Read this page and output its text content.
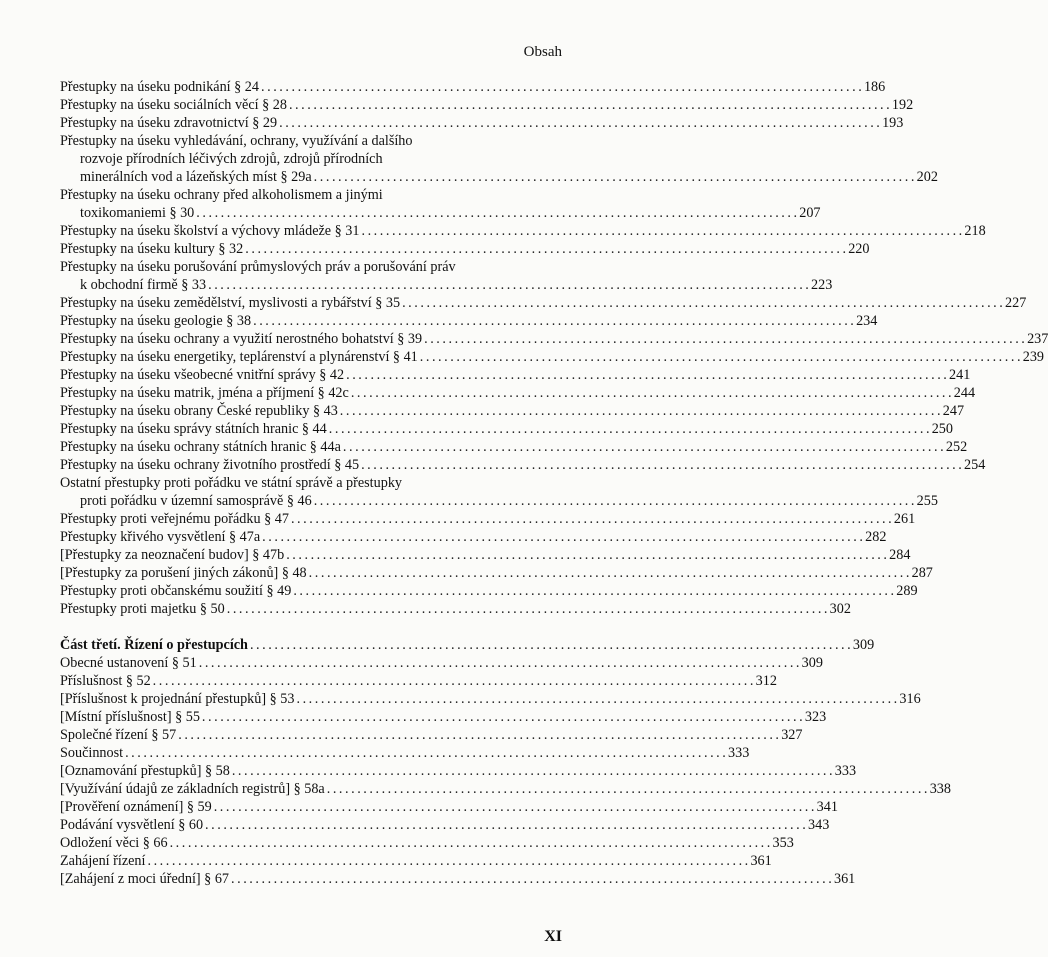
Obsah
Přestupky na úseku podnikání § 24 . . .	186
Přestupky na úseku sociálních věcí § 28 . . .	192
Přestupky na úseku zdravotnictví § 29 . . .	193
Přestupky na úseku vyhledávání, ochrany, využívání a dalšího
rozvoje přírodních léčivých zdrojů, zdrojů přírodních
minerálních vod a lázeňských míst § 29a . . .	202
Přestupky na úseku ochrany před alkoholismem a jinými
toxikomaniemi § 30 . . .	207
Přestupky na úseku školství a výchovy mládeže § 31 . . .	218
Přestupky na úseku kultury § 32 . . .	220
Přestupky na úseku porušování průmyslových práv a porušování práv
k obchodní firmě § 33 . . .	223
Přestupky na úseku zemědělství, myslivosti a rybářství § 35 . . .	227
Přestupky na úseku geologie § 38 . . .	234
Přestupky na úseku ochrany a využití nerostného bohatství § 39 . . .	237
Přestupky na úseku energetiky, teplárenství a plynárenství § 41 . . .	239
Přestupky na úseku všeobecné vnitřní správy § 42 . . .	241
Přestupky na úseku matrik, jména a příjmení § 42c . . .	244
Přestupky na úseku obrany České republiky § 43 . . .	247
Přestupky na úseku správy státních hranic § 44 . . .	250
Přestupky na úseku ochrany státních hranic § 44a . . .	252
Přestupky na úseku ochrany životního prostředí § 45 . . .	254
Ostatní přestupky proti pořádku ve státní správě a přestupky
proti pořádku v územní samosprávě § 46 . . .	255
Přestupky proti veřejnému pořádku § 47 . . .	261
Přestupky křivého vysvětlení § 47a . . .	282
[Přestupky za neoznačení budov] § 47b . . .	284
[Přestupky za porušení jiných zákonů] § 48 . . .	287
Přestupky proti občanskému soužití § 49 . . .	289
Přestupky proti majetku § 50 . . .	302
Část třetí. Řízení o přestupcích . . .	309
Obecné ustanovení § 51 . . .	309
Příslušnost § 52 . . .	312
[Příslušnost k projednání přestupků] § 53 . . .	316
[Místní příslušnost] § 55 . . .	323
Společné řízení § 57 . . .	327
Součinnost . . .	333
[Oznamování přestupků] § 58 . . .	333
[Využívání údajů ze základních registrů] § 58a . . .	338
[Prověření oznámení] § 59 . . .	341
Podávání vysvětlení § 60 . . .	343
Odložení věci § 66 . . .	353
Zahájení řízení . . .	361
[Zahájení z moci úřední] § 67 . . .	361
XI
